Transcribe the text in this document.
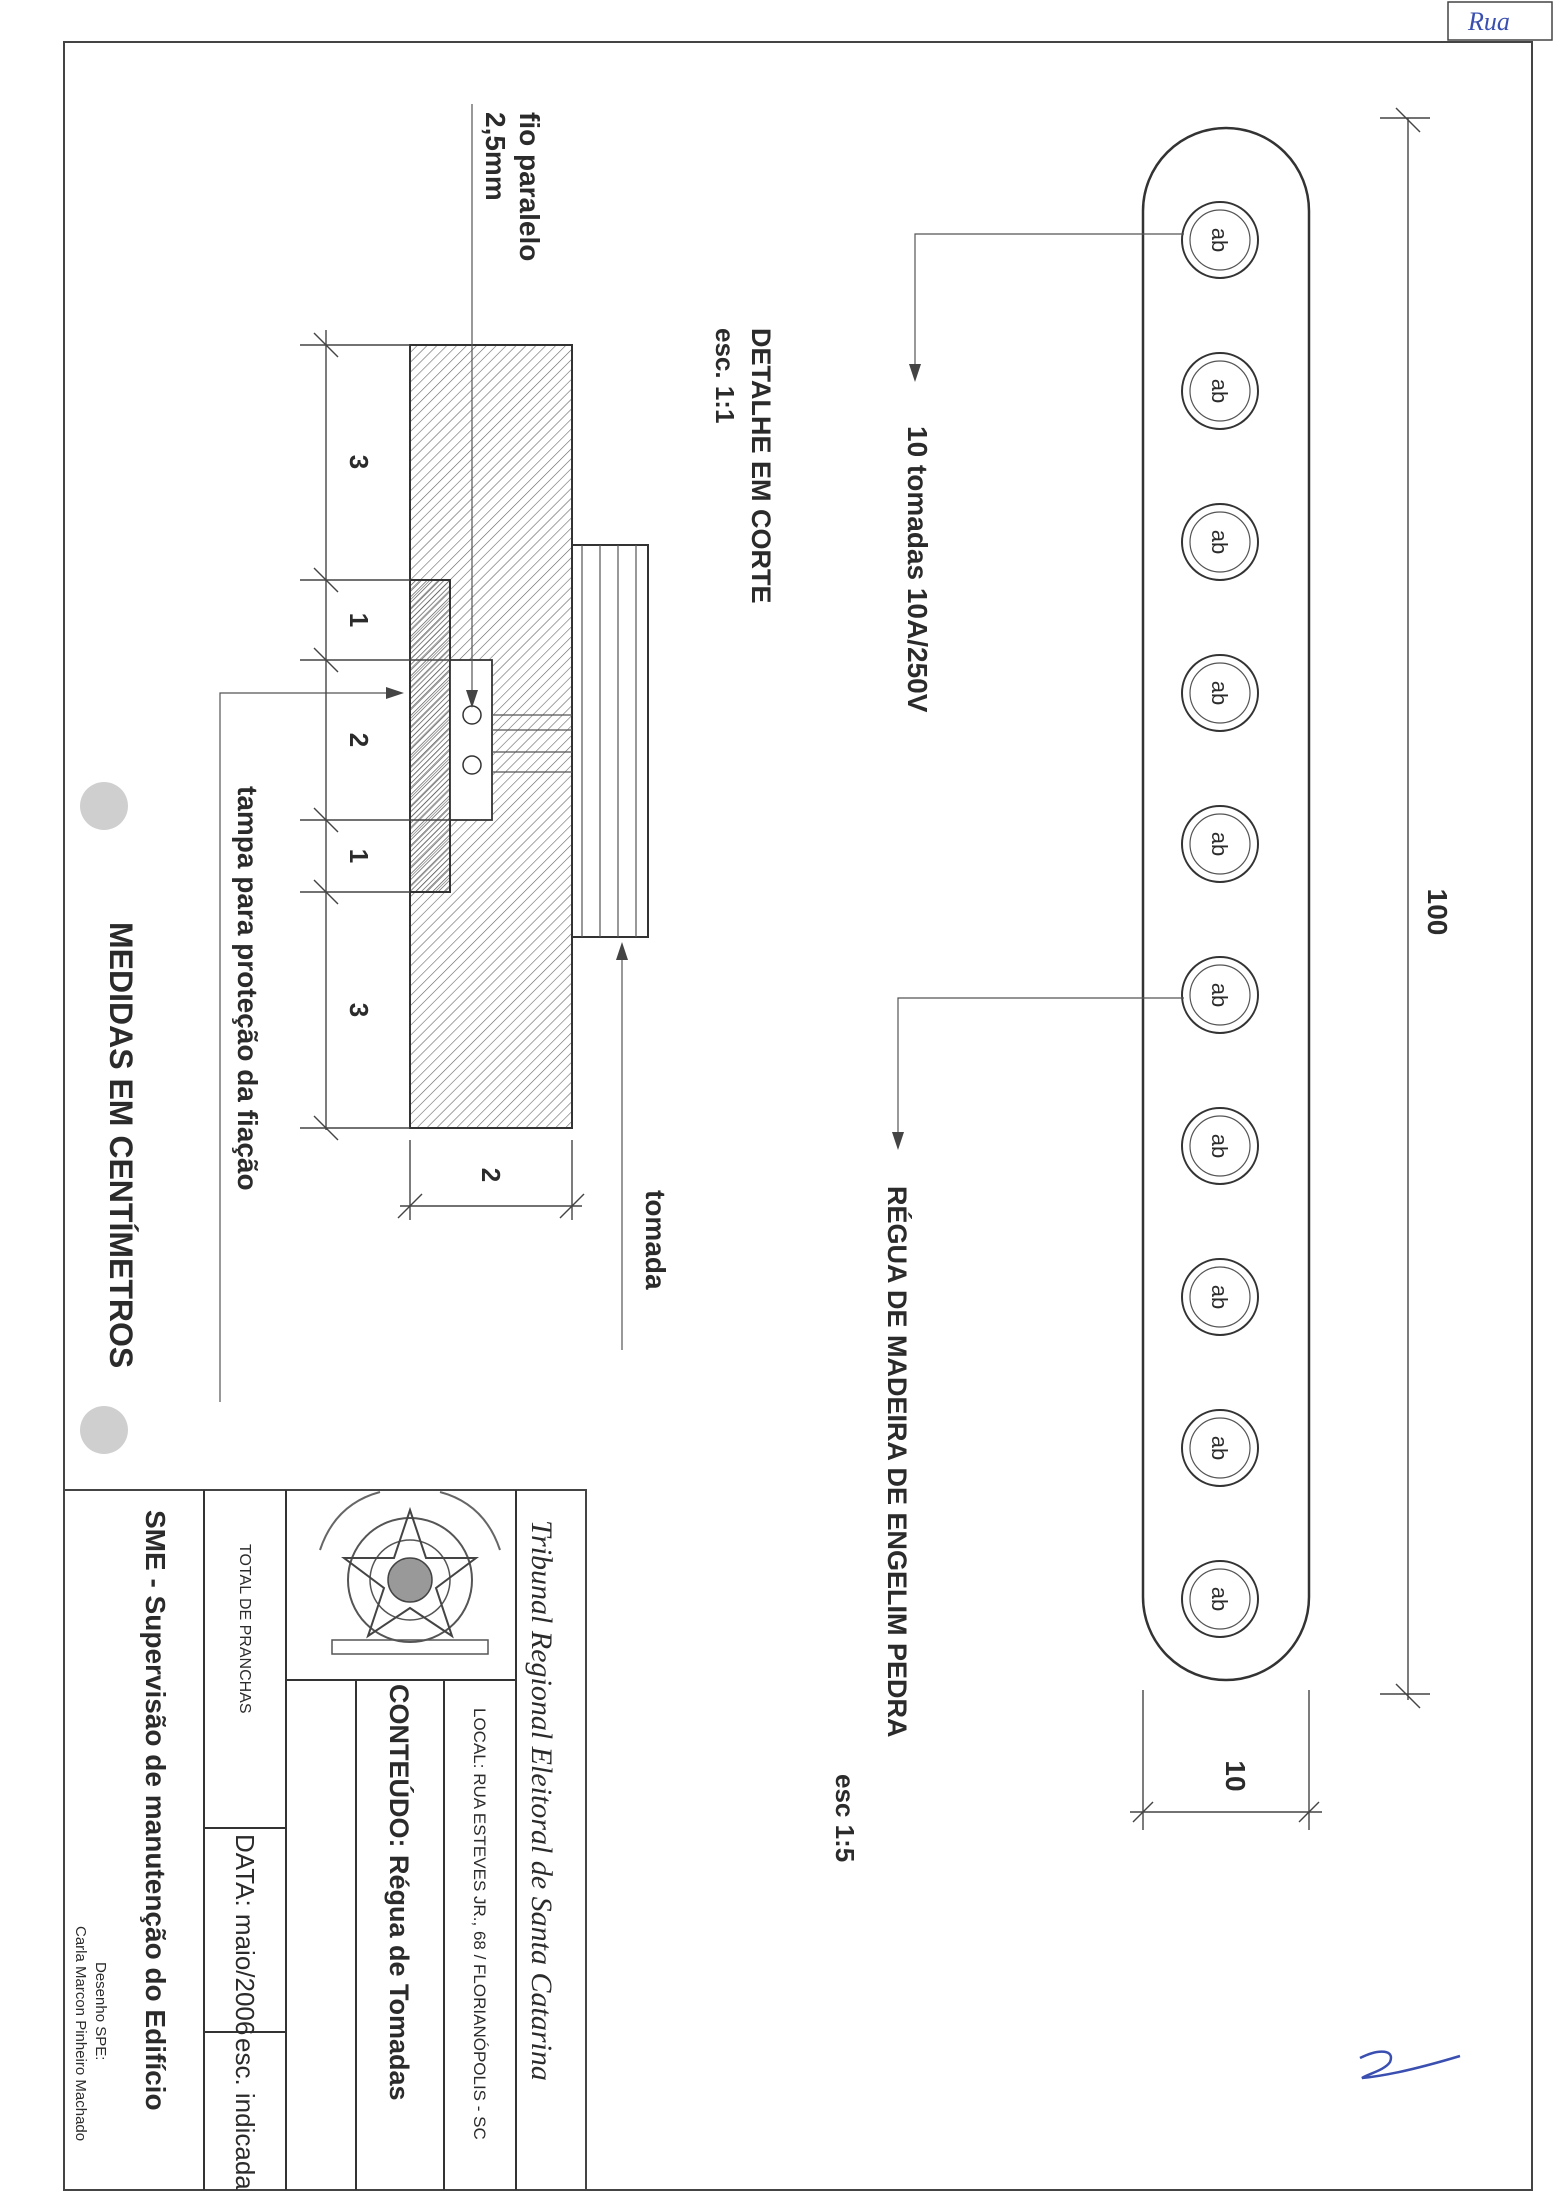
Rua
ab
ab
ab
ab
ab
ab
ab
ab
ab
ab
100
10
10 tomadas 10A/250V
RÉGUA DE MADEIRA DE ENGELIM PEDRA
esc 1:5
3
1
2
1
3
2
DETALHE EM CORTE
esc. 1:1
fio paralelo
2,5mm
tomada
tampa para proteção da fiação
MEDIDAS EM CENTÍMETROS
Tribunal Regional Eleitoral de Santa Catarina
LOCAL: RUA ESTEVES JR., 68 / FLORIANÓPOLIS - SC
CONTEÚDO: Régua de Tomadas
TOTAL DE PRANCHAS
DATA: maio/2006
esc. indicada
SME - Supervisão de manutenção do Edifício
Desenho SPE:
Carla Marcon Pinheiro Machado
